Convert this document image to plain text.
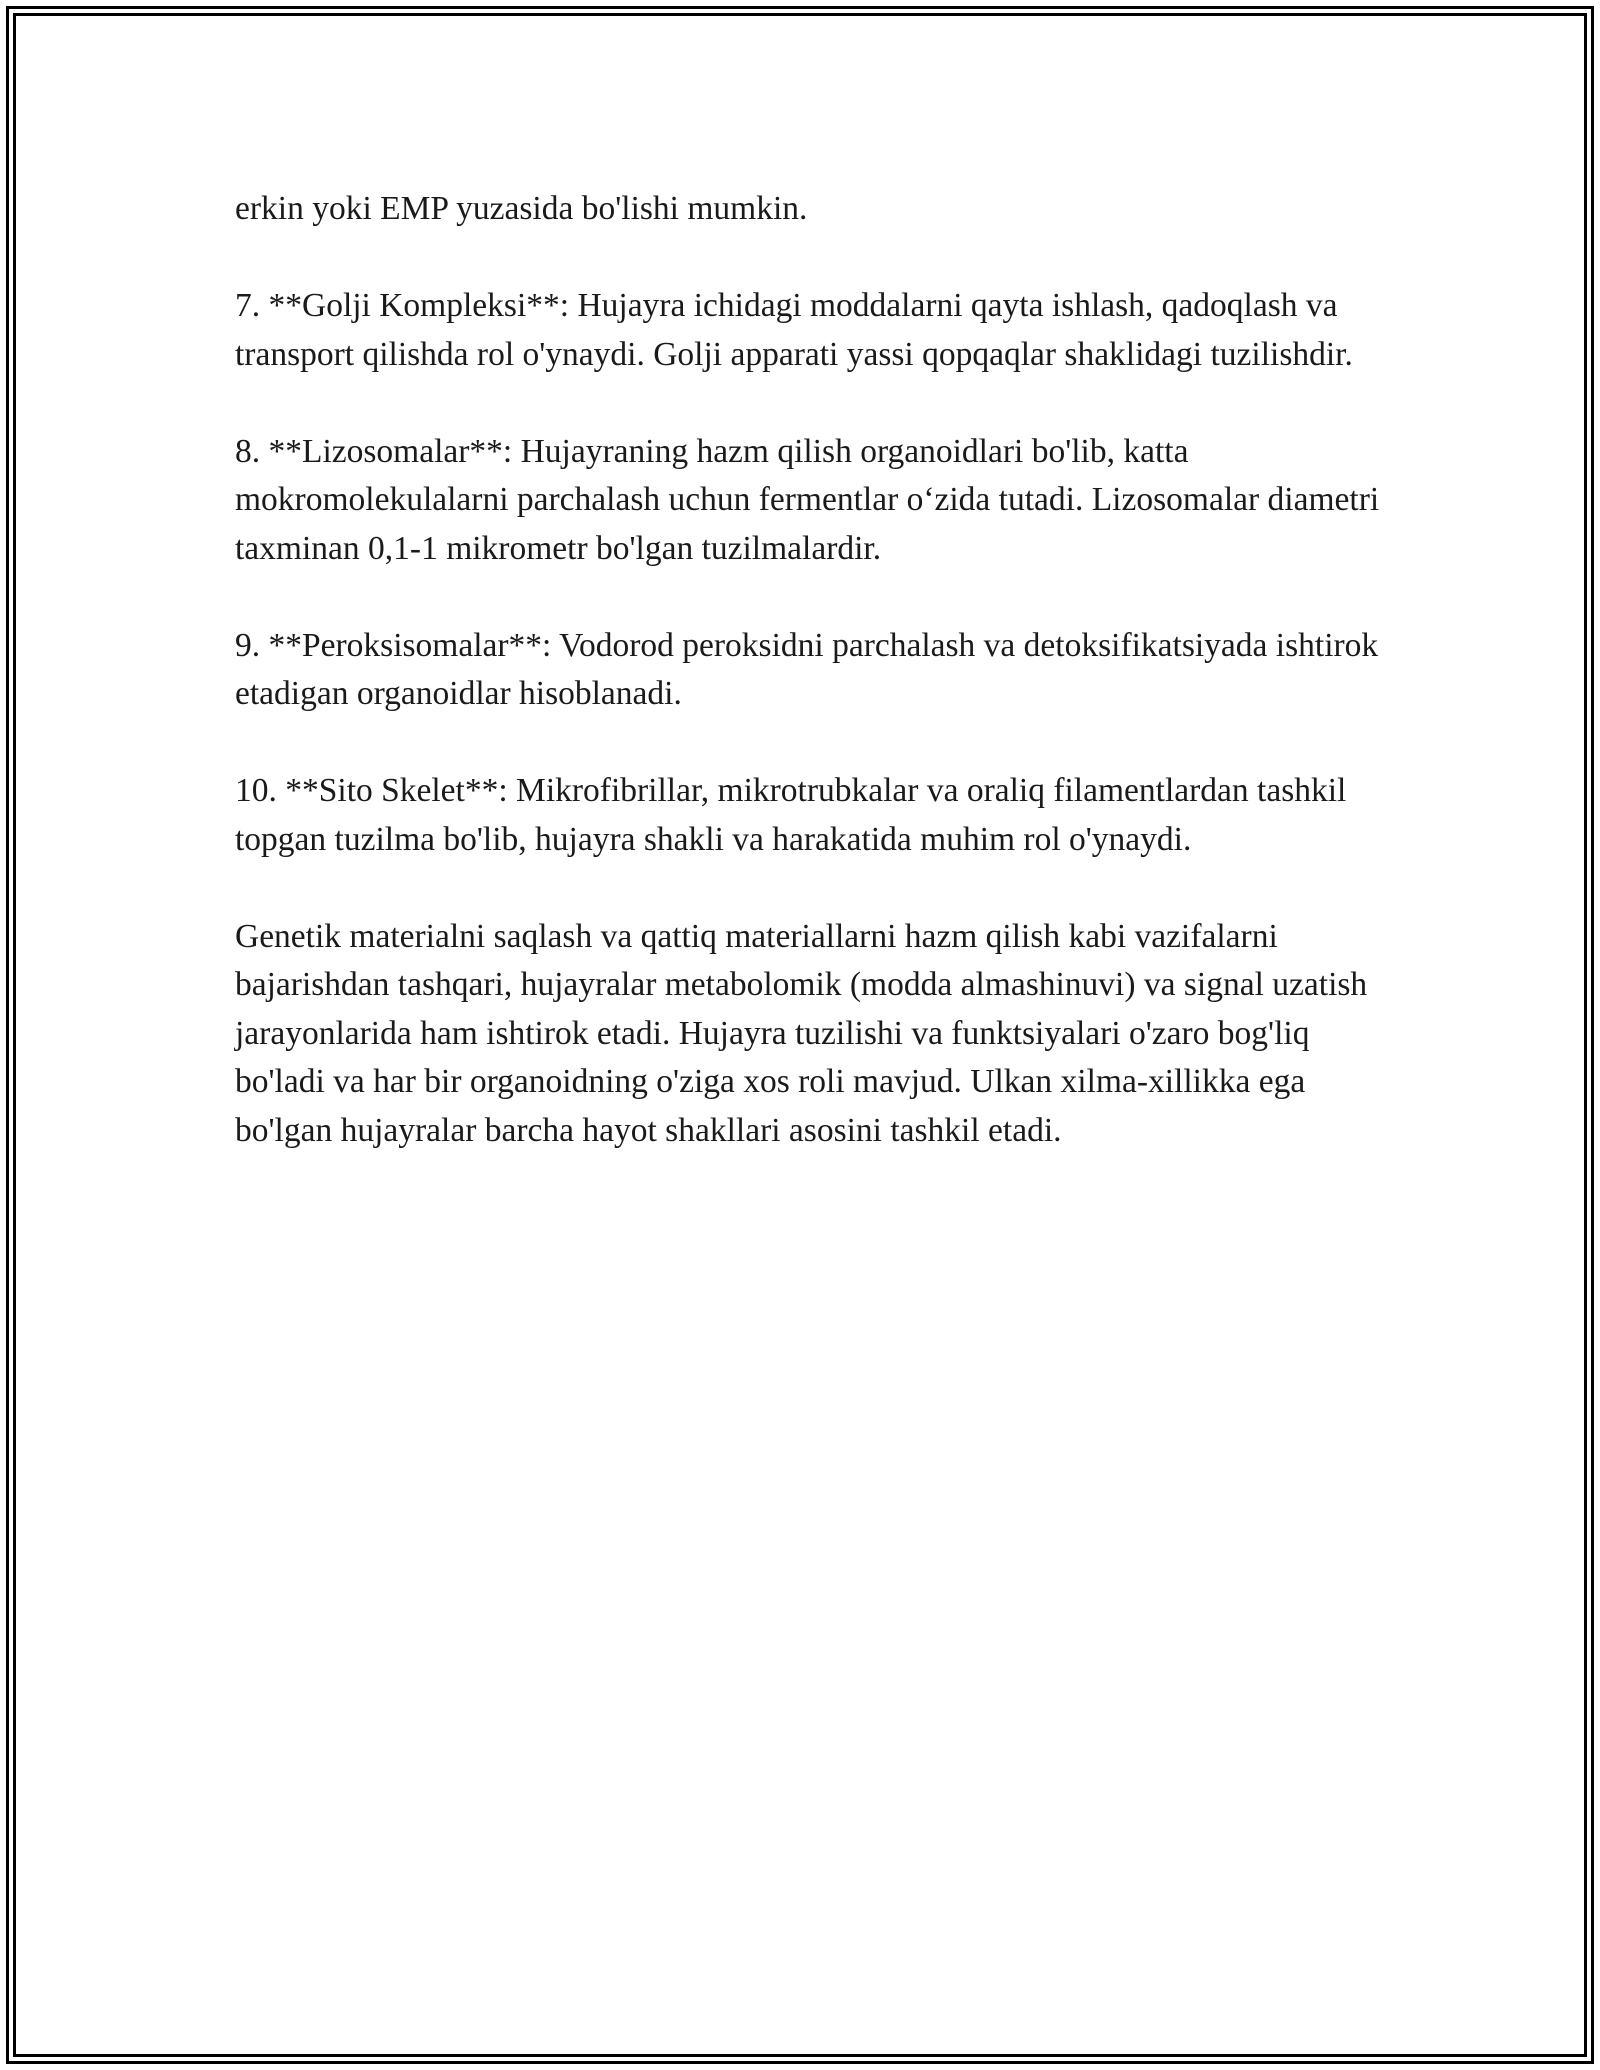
erkin yoki EMP yuzasida bo'lishi mumkin.

7. **Golji Kompleksi**: Hujayra ichidagi moddalarni qayta ishlash, qadoqlash va transport qilishda rol o'ynaydi. Golji apparati yassi qopqaqlar shaklidagi tuzilishdir.

8. **Lizosomalar**: Hujayraning hazm qilish organoidlari bo'lib, katta mokromolekulalarni parchalash uchun fermentlar o‘zida tutadi. Lizosomalar diametri taxminan 0,1-1 mikrometr bo'lgan tuzilmalardir.

9. **Peroksisomalar**: Vodorod peroksidni parchalash va detoksifikatsiyada ishtirok etadigan organoidlar hisoblanadi.

10. **Sito Skelet**: Mikrofibrillar, mikrotrubkalar va oraliq filamentlardan tashkil topgan tuzilma bo'lib, hujayra shakli va harakatida muhim rol o'ynaydi.

Genetik materialni saqlash va qattiq materiallarni hazm qilish kabi vazifalarni bajarishdan tashqari, hujayralar metabolomik (modda almashinuvi) va signal uzatish jarayonlarida ham ishtirok etadi. Hujayra tuzilishi va funktsiyalari o'zaro bog'liq bo'ladi va har bir organoidning o'ziga xos roli mavjud. Ulkan xilma-xillikka ega bo'lgan hujayralar barcha hayot shakllari asosini tashkil etadi.
